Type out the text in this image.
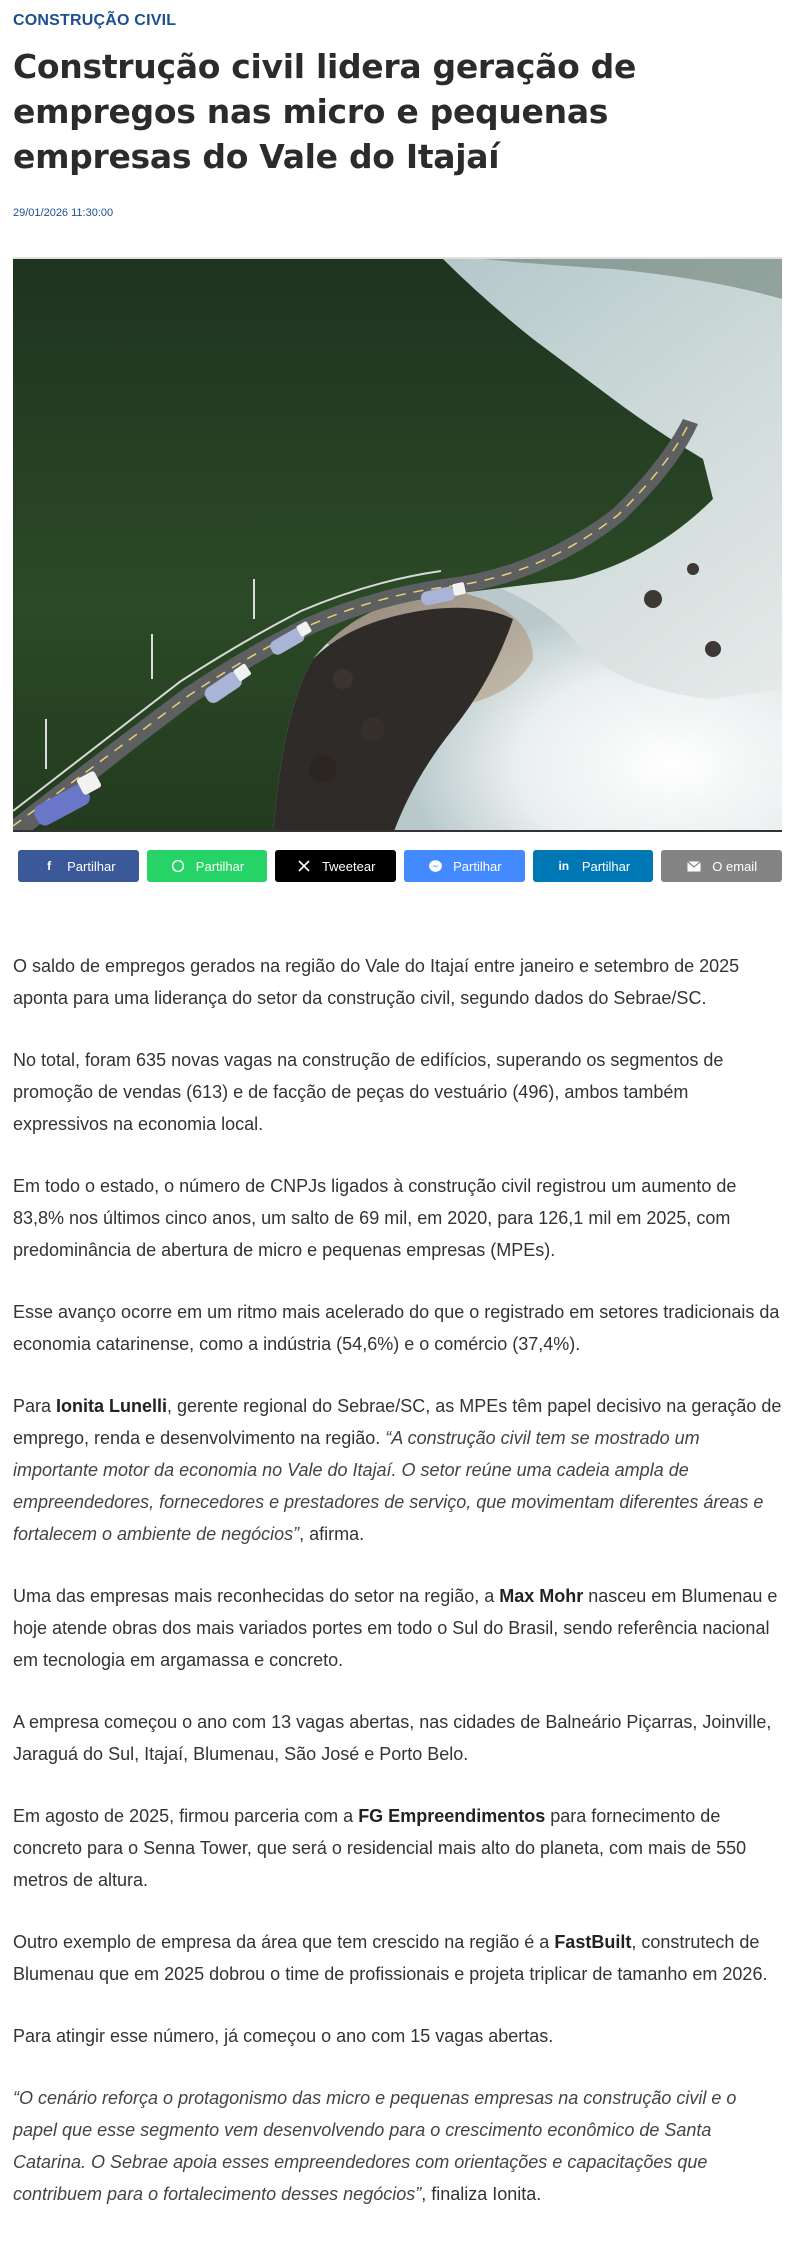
CONSTRUÇÃO CIVIL
Construção civil lidera geração de empregos nas micro e pequenas empresas do Vale do Itajaí
29/01/2026 11:30:00
f	Partilhar	Partilhar	Tweetear	Partilhar	in Partilhar	O email

O saldo de empregos gerados na região do Vale do Itajaí entre janeiro e setembro de 2025 aponta para uma liderança do setor da construção civil, segundo dados do Sebrae/SC.

No total, foram 635 novas vagas na construção de edifícios, superando os segmentos de promoção de vendas (613) e de facção de peças do vestuário (496), ambos também expressivos na economia local.

Em todo o estado, o número de CNPJs ligados à construção civil registrou um aumento de 83,8% nos últimos cinco anos, um salto de 69 mil, em 2020, para 126,1 mil em 2025, com predominância de abertura de micro e pequenas empresas (MPEs).

Esse avanço ocorre em um ritmo mais acelerado do que o registrado em setores tradicionais da economia catarinense, como a indústria (54,6%) e o comércio (37,4%).

Para Ionita Lunelli, gerente regional do Sebrae/SC, as MPEs têm papel decisivo na geração de emprego, renda e desenvolvimento na região. “A construção civil tem se mostrado um importante motor da economia no Vale do Itajaí. O setor reúne uma cadeia ampla de empreendedores, fornecedores e prestadores de serviço, que movimentam diferentes áreas e fortalecem o ambiente de negócios”, afirma.

Uma das empresas mais reconhecidas do setor na região, a Max Mohr nasceu em Blumenau e hoje atende obras dos mais variados portes em todo o Sul do Brasil, sendo referência nacional em tecnologia em argamassa e concreto.

A empresa começou o ano com 13 vagas abertas, nas cidades de Balneário Piçarras, Joinville, Jaraguá do Sul, Itajaí, Blumenau, São José e Porto Belo.

Em agosto de 2025, firmou parceria com a FG Empreendimentos para fornecimento de concreto para o Senna Tower, que será o residencial mais alto do planeta, com mais de 550 metros de altura.

Outro exemplo de empresa da área que tem crescido na região é a FastBuilt, construtech de Blumenau que em 2025 dobrou o time de profissionais e projeta triplicar de tamanho em 2026.

Para atingir esse número, já começou o ano com 15 vagas abertas.

“O cenário reforça o protagonismo das micro e pequenas empresas na construção civil e o papel que esse segmento vem desenvolvendo para o crescimento econômico de Santa Catarina. O Sebrae apoia esses empreendedores com orientações e capacitações que contribuem para o fortalecimento desses negócios”, finaliza Ionita.
